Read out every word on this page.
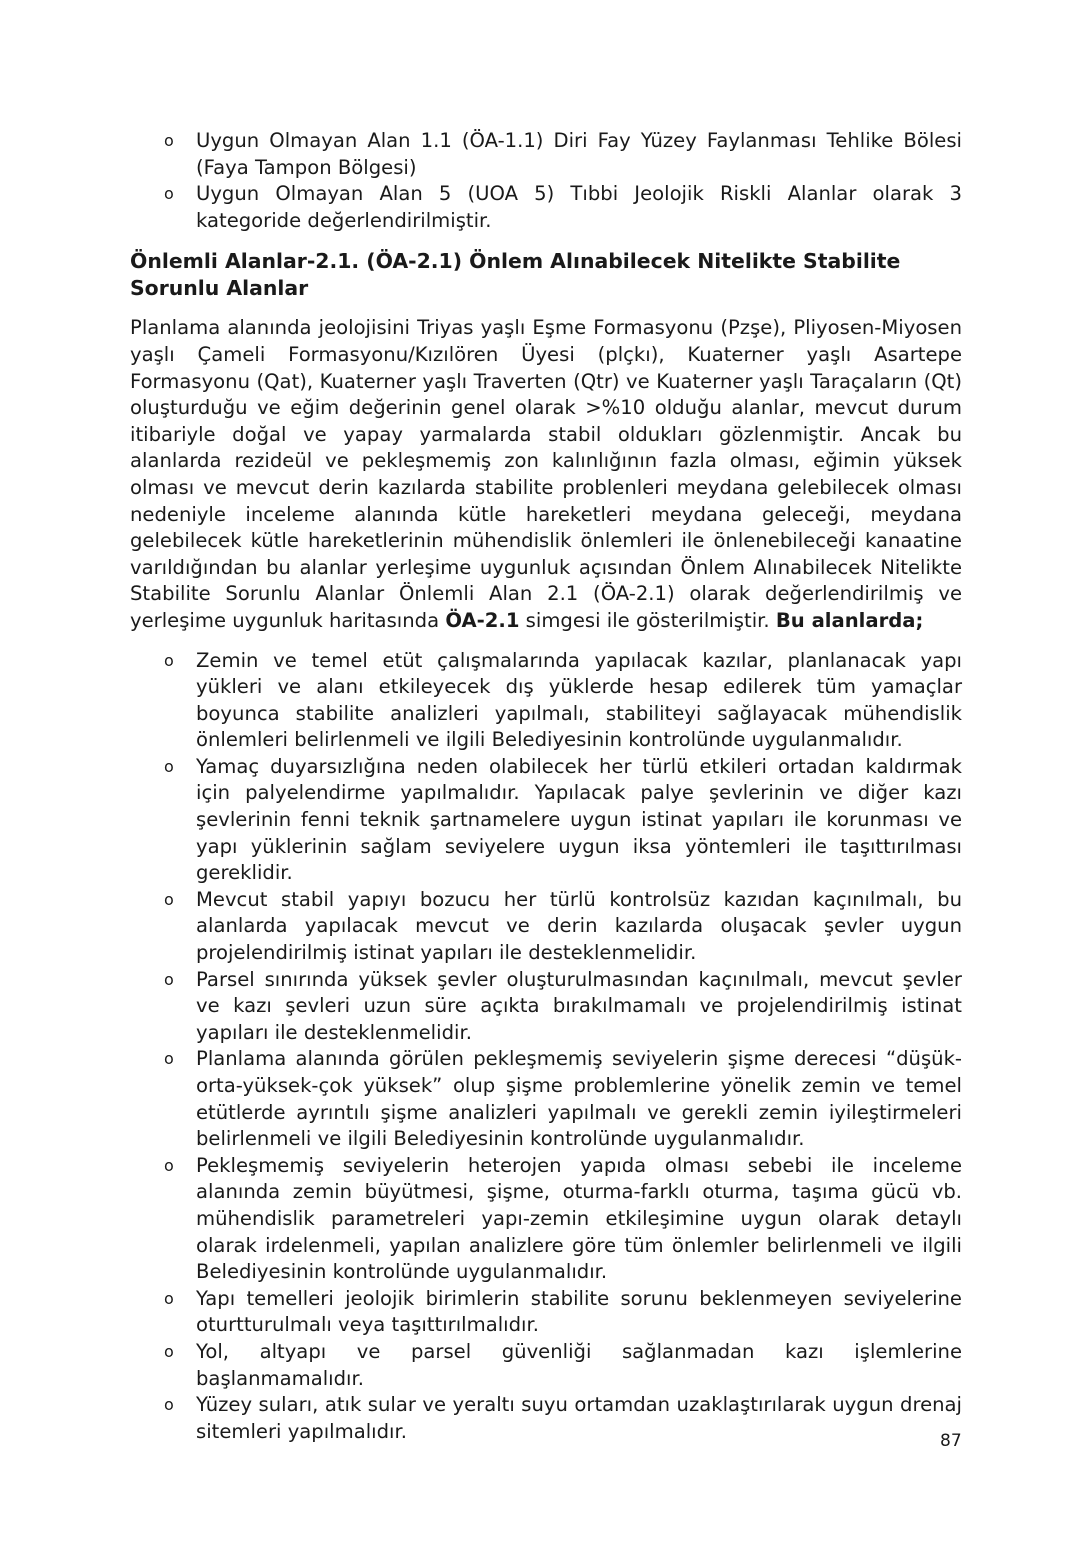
o Uygun Olmayan Alan 1.1 (ÖA-1.1) Diri Fay Yüzey Faylanması Tehlike Bölesi (Faya Tampon Bölgesi)
o Uygun Olmayan Alan 5 (UOA 5) Tıbbi Jeolojik Riskli Alanlar olarak 3 kategoride değerlendirilmiştir.
Önlemli Alanlar-2.1. (ÖA-2.1) Önlem Alınabilecek Nitelikte Stabilite Sorunlu Alanlar

Planlama alanında jeolojisini Triyas yaşlı Eşme Formasyonu (Pzşe), Pliyosen-Miyosen yaşlı Çameli Formasyonu/Kızılören Üyesi (plçkı), Kuaterner yaşlı Asartepe Formasyonu (Qat), Kuaterner yaşlı Traverten (Qtr) ve Kuaterner yaşlı Taraçaların (Qt) oluşturduğu ve eğim değerinin genel olarak >%10 olduğu alanlar, mevcut durum itibariyle doğal ve yapay yarmalarda stabil oldukları gözlenmiştir. Ancak bu alanlarda rezideül ve pekleşmemiş zon kalınlığının fazla olması, eğimin yüksek olması ve mevcut derin kazılarda stabilite problenleri meydana gelebilecek olması nedeniyle inceleme alanında kütle hareketleri meydana geleceği, meydana gelebilecek kütle hareketlerinin mühendislik önlemleri ile önlenebileceği kanaatine varıldığından bu alanlar yerleşime uygunluk açısından Önlem Alınabilecek Nitelikte Stabilite Sorunlu Alanlar Önlemli Alan 2.1 (ÖA-2.1) olarak değerlendirilmiş ve yerleşime uygunluk haritasında ÖA-2.1 simgesi ile gösterilmiştir. Bu alanlarda;

o Zemin ve temel etüt çalışmalarında yapılacak kazılar, planlanacak yapı yükleri ve alanı etkileyecek dış yüklerde hesap edilerek tüm yamaçlar boyunca stabilite analizleri yapılmalı, stabiliteyi sağlayacak mühendislik önlemleri belirlenmeli ve ilgili Belediyesinin kontrolünde uygulanmalıdır.
o Yamaç duyarsızlığına neden olabilecek her türlü etkileri ortadan kaldırmak için palyelendirme yapılmalıdır. Yapılacak palye şevlerinin ve diğer kazı şevlerinin fenni teknik şartnamelere uygun istinat yapıları ile korunması ve yapı yüklerinin sağlam seviyelere uygun iksa yöntemleri ile taşıttırılması gereklidir.
o Mevcut stabil yapıyı bozucu her türlü kontrolsüz kazıdan kaçınılmalı, bu alanlarda yapılacak mevcut ve derin kazılarda oluşacak şevler uygun projelendirilmiş istinat yapıları ile desteklenmelidir.
o Parsel sınırında yüksek şevler oluşturulmasından kaçınılmalı, mevcut şevler ve kazı şevleri uzun süre açıkta bırakılmamalı ve projelendirilmiş istinat yapıları ile desteklenmelidir.
o Planlama alanında görülen pekleşmemiş seviyelerin şişme derecesi “düşük-orta-yüksek-çok yüksek” olup şişme problemlerine yönelik zemin ve temel etütlerde ayrıntılı şişme analizleri yapılmalı ve gerekli zemin iyileştirmeleri belirlenmeli ve ilgili Belediyesinin kontrolünde uygulanmalıdır.
o Pekleşmemiş seviyelerin heterojen yapıda olması sebebi ile inceleme alanında zemin büyütmesi, şişme, oturma-farklı oturma, taşıma gücü vb. mühendislik parametreleri yapı-zemin etkileşimine uygun olarak detaylı olarak irdelenmeli, yapılan analizlere göre tüm önlemler belirlenmeli ve ilgili Belediyesinin kontrolünde uygulanmalıdır.
o Yapı temelleri jeolojik birimlerin stabilite sorunu beklenmeyen seviyelerine oturtturulmalı veya taşıttırılmalıdır.
o Yol, altyapı ve parsel güvenliği sağlanmadan kazı işlemlerine başlanmamalıdır.
o Yüzey suları, atık sular ve yeraltı suyu ortamdan uzaklaştırılarak uygun drenaj sitemleri yapılmalıdır.	87
